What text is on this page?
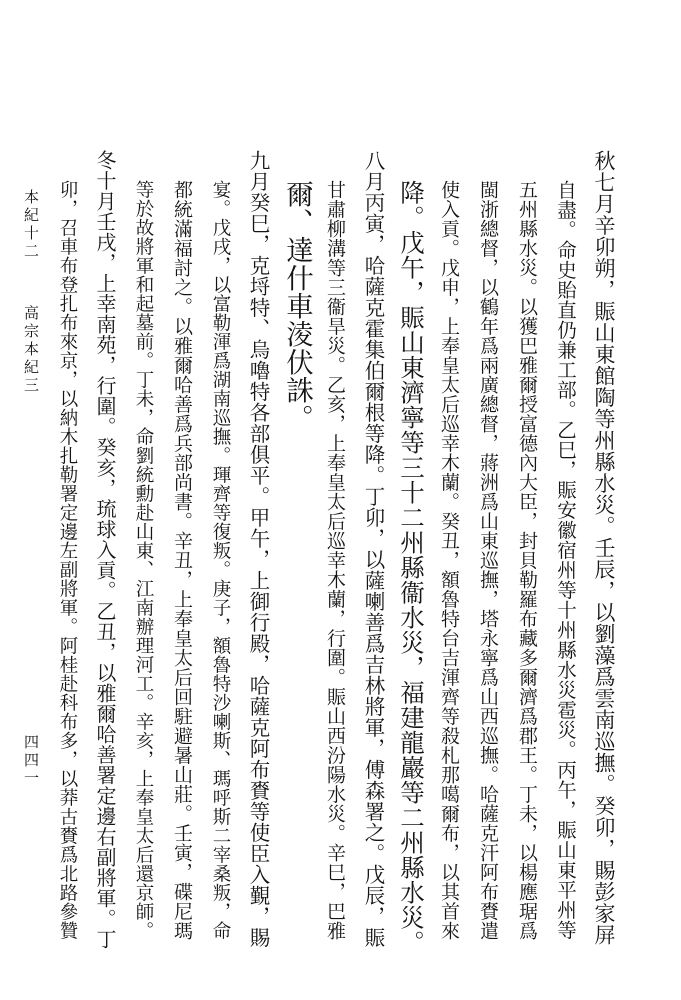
秋七月辛卯朔，賑山東館陶等州縣水災。壬辰，以劉藻爲雲南巡撫。癸卯，賜彭家屏
自盡。命史貽直仍兼工部。乙巳，賑安徽宿州等十州縣水災雹災。丙午，賑山東平州等
五州縣水災。以獲巴雅爾授富德內大臣，封貝勒羅布藏多爾濟爲郡王。丁未，以楊應琚爲
閩浙總督，以鶴年爲兩廣總督，蔣洲爲山東巡撫，塔永寧爲山西巡撫。哈薩克汗阿布賚遣
使入貢。戊申，上奉皇太后巡幸木蘭。癸丑，額魯特台吉渾齊等殺札那噶爾布，以其首來
降。戊午，賑山東濟寧等三十二州縣衞水災，福建龍巖等二州縣水災。
八月丙寅，哈薩克霍集伯爾根等降。丁卯，以薩喇善爲吉林將軍，傅森署之。戊辰，賑
甘肅柳溝等三衞旱災。乙亥，上奉皇太后巡幸木蘭，行圍。賑山西汾陽水災。辛巳，巴雅
爾、達什車淩伏誅。
九月癸巳，克埒特、烏嚕特各部俱平。甲午，上御行殿，哈薩克阿布賚等使臣入覲，賜
宴。戊戌，以富勒渾爲湖南巡撫。琿齊等復叛。庚子，額魯特沙喇斯、瑪呼斯二宰桑叛，命
都統滿福討之。以雅爾哈善爲兵部尚書。辛丑，上奉皇太后回駐避暑山莊。壬寅，碟尼瑪
等於故將軍和起墓前。丁未，命劉統勳赴山東、江南辦理河工。辛亥，上奉皇太后還京師。
冬十月壬戌，上幸南苑，行圍。癸亥，琉球入貢。乙丑，以雅爾哈善署定邊右副將軍。丁
卯，召車布登扎布來京，以納木扎勒署定邊左副將軍。阿桂赴科布多，以莽古賚爲北路參贊
本紀十二
高宗本紀三
四四一
